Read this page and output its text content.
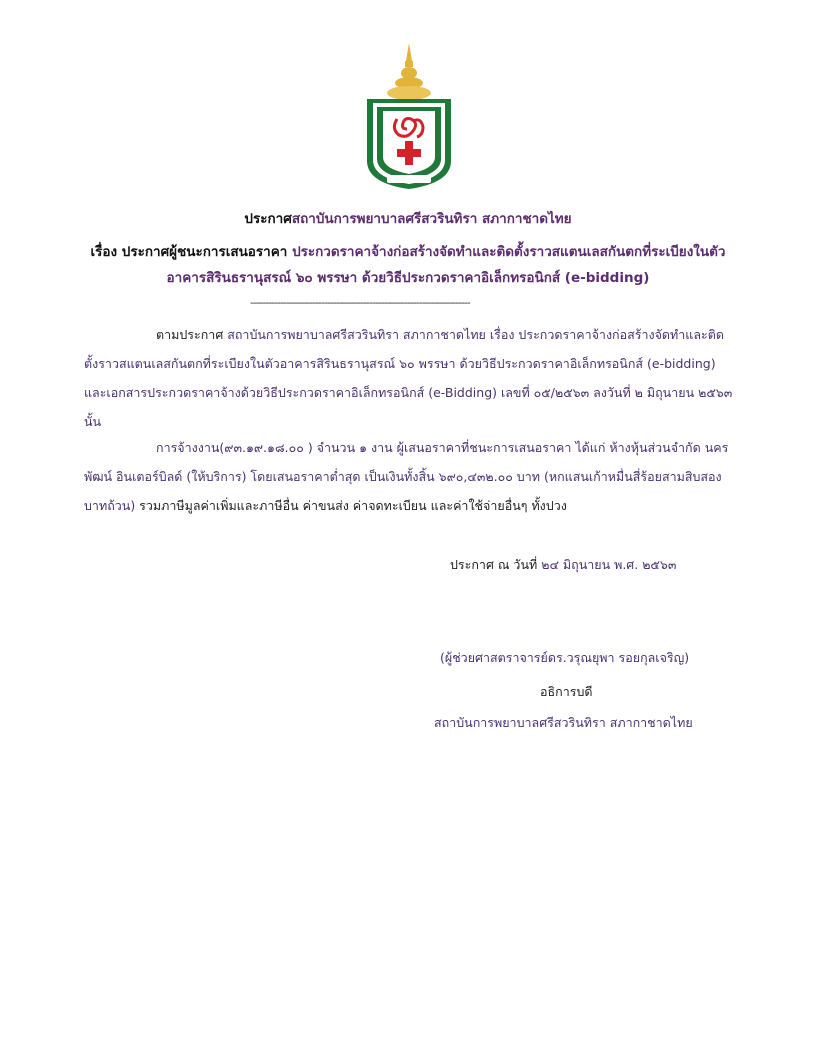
ประกาศสถาบันการพยาบาลศรีสวรินทิรา สภากาชาดไทย
เรื่อง ประกาศผู้ชนะการเสนอราคา ประกวดราคาจ้างก่อสร้างจัดทำและติดตั้งราวสแตนเลสกันตกที่ระเบียงในตัว
อาคารสิรินธรานุสรณ์ ๖๐ พรรษา ด้วยวิธีประกวดราคาอิเล็กทรอนิกส์ (e-bidding)
--------------------------------------------------------------------------
ตามประกาศ สถาบันการพยาบาลศรีสวรินทิรา สภากาชาดไทย เรื่อง ประกวดราคาจ้างก่อสร้างจัดทำและติดตั้งราวสแตนเลสกันตกที่ระเบียงในตัวอาคารสิรินธรานุสรณ์ ๖๐ พรรษา ด้วยวิธีประกวดราคาอิเล็กทรอนิกส์ (e-bidding) และเอกสารประกวดราคาจ้างด้วยวิธีประกวดราคาอิเล็กทรอนิกส์ (e-Bidding) เลขที่ ๐๕/๒๕๖๓ ลงวันที่ ๒ มิถุนายน ๒๕๖๓ นั้น
การจ้างงาน(๙๓.๑๙.๑๘.๐๐ ) จำนวน ๑ งาน ผู้เสนอราคาที่ชนะการเสนอราคา ได้แก่ ห้างหุ้นส่วนจำกัด นครพัฒน์ อินเตอร์บิลด์ (ให้บริการ) โดยเสนอราคาต่ำสุด เป็นเงินทั้งสิ้น ๖๙๐,๔๓๒.๐๐ บาท (หกแสนเก้าหมื่นสี่ร้อยสามสิบสองบาทถ้วน) รวมภาษีมูลค่าเพิ่มและภาษีอื่น ค่าขนส่ง ค่าจดทะเบียน และค่าใช้จ่ายอื่นๆ ทั้งปวง
ประกาศ ณ วันที่ ๒๔ มิถุนายน พ.ศ. ๒๕๖๓
(ผู้ช่วยศาสตราจารย์ดร.วรุณยุพา รอยกุลเจริญ)
อธิการบดี
สถาบันการพยาบาลศรีสวรินทิรา สภากาชาดไทย
